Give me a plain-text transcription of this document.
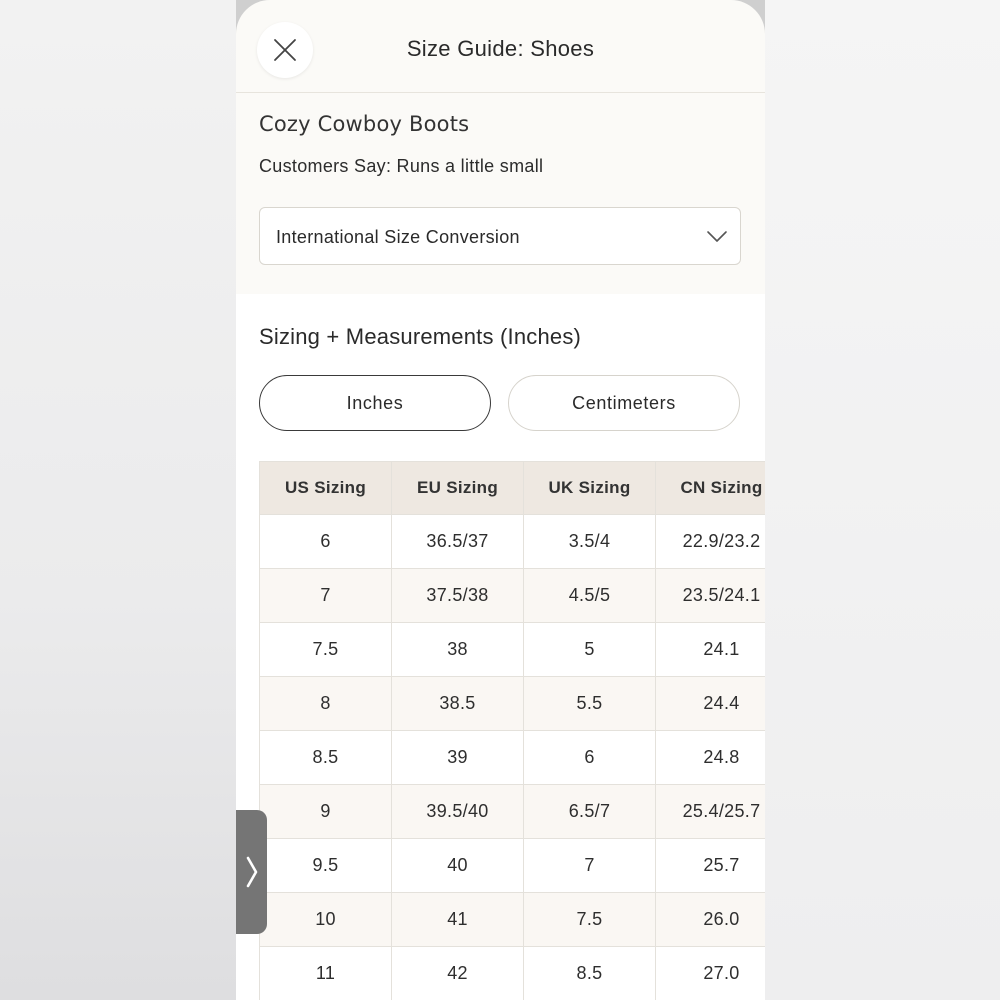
Size Guide: Shoes
Cozy Cowboy Boots
Customers Say: Runs a little small
International Size Conversion
Sizing + Measurements (Inches)
Inches	Centimeters
US Sizing	EU Sizing	UK Sizing	CN Sizing
6	36.5/37	3.5/4	22.9/23.2
7	37.5/38	4.5/5	23.5/24.1
7.5	38	5	24.1
8	38.5	5.5	24.4
8.5	39	6	24.8
9	39.5/40	6.5/7	25.4/25.7
9.5	40	7	25.7
10	41	7.5	26.0
11	42	8.5	27.0
